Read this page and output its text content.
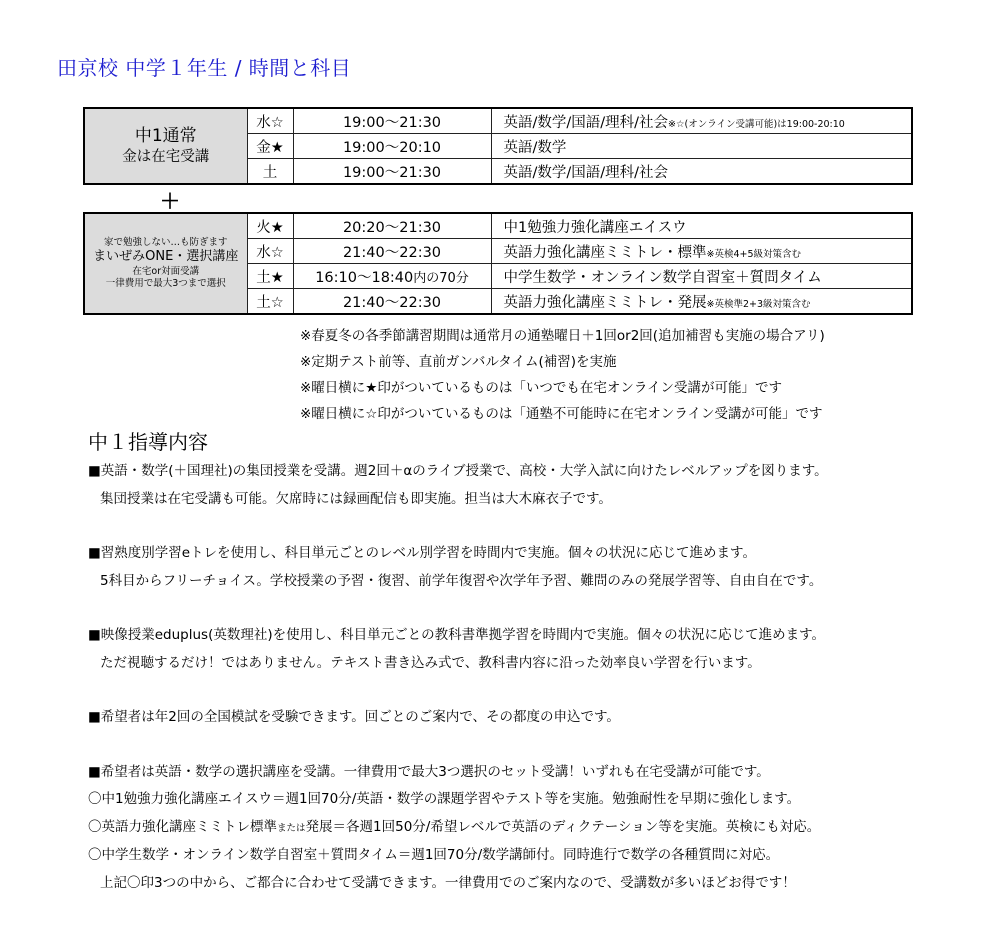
田京校 中学１年生 / 時間と科目
中1通常
金は在宅受講	水☆	19:00〜21:30	英語/数学/国語/理科/社会※☆(オンライン受講可能)は19:00-20:10
	金★	19:00〜20:10	英語/数学
	土	19:00〜21:30	英語/数学/国語/理科/社会
＋
家で勉強しない…も防ぎます
まいぜみONE・選択講座
在宅or対面受講
一律費用で最大3つまで選択	火★	20:20〜21:30	中1勉強力強化講座エイスウ
	水☆	21:40〜22:30	英語力強化講座ミミトレ・標準※英検4+5級対策含む
	土★	16:10〜18:40内の70分	中学生数学・オンライン数学自習室＋質問タイム
	土☆	21:40〜22:30	英語力強化講座ミミトレ・発展※英検準2+3級対策含む
※春夏冬の各季節講習期間は通常月の通塾曜日＋1回or2回(追加補習も実施の場合アリ)
※定期テスト前等、直前ガンバルタイム(補習)を実施
※曜日横に★印がついているものは「いつでも在宅オンライン受講が可能」です
※曜日横に☆印がついているものは「通塾不可能時に在宅オンライン受講が可能」です
中１指導内容

■英語・数学(＋国理社)の集団授業を受講。週2回＋αのライブ授業で、高校・大学入試に向けたレベルアップを図ります。

集団授業は在宅受講も可能。欠席時には録画配信も即実施。担当は大木麻衣子です。

■習熟度別学習eトレを使用し、科目単元ごとのレベル別学習を時間内で実施。個々の状況に応じて進めます。

5科目からフリーチョイス。学校授業の予習・復習、前学年復習や次学年予習、難問のみの発展学習等、自由自在です。

■映像授業eduplus(英数理社)を使用し、科目単元ごとの教科書準拠学習を時間内で実施。個々の状況に応じて進めます。

ただ視聴するだけ！ではありません。テキスト書き込み式で、教科書内容に沿った効率良い学習を行います。

■希望者は年2回の全国模試を受験できます。回ごとのご案内で、その都度の申込です。

■希望者は英語・数学の選択講座を受講。一律費用で最大3つ選択のセット受講！いずれも在宅受講が可能です。

〇中1勉強力強化講座エイスウ＝週1回70分/英語・数学の課題学習やテスト等を実施。勉強耐性を早期に強化します。

〇英語力強化講座ミミトレ標準または発展＝各週1回50分/希望レベルで英語のディクテーション等を実施。英検にも対応。

〇中学生数学・オンライン数学自習室＋質問タイム＝週1回70分/数学講師付。同時進行で数学の各種質問に対応。

上記〇印3つの中から、ご都合に合わせて受講できます。一律費用でのご案内なので、受講数が多いほどお得です！
